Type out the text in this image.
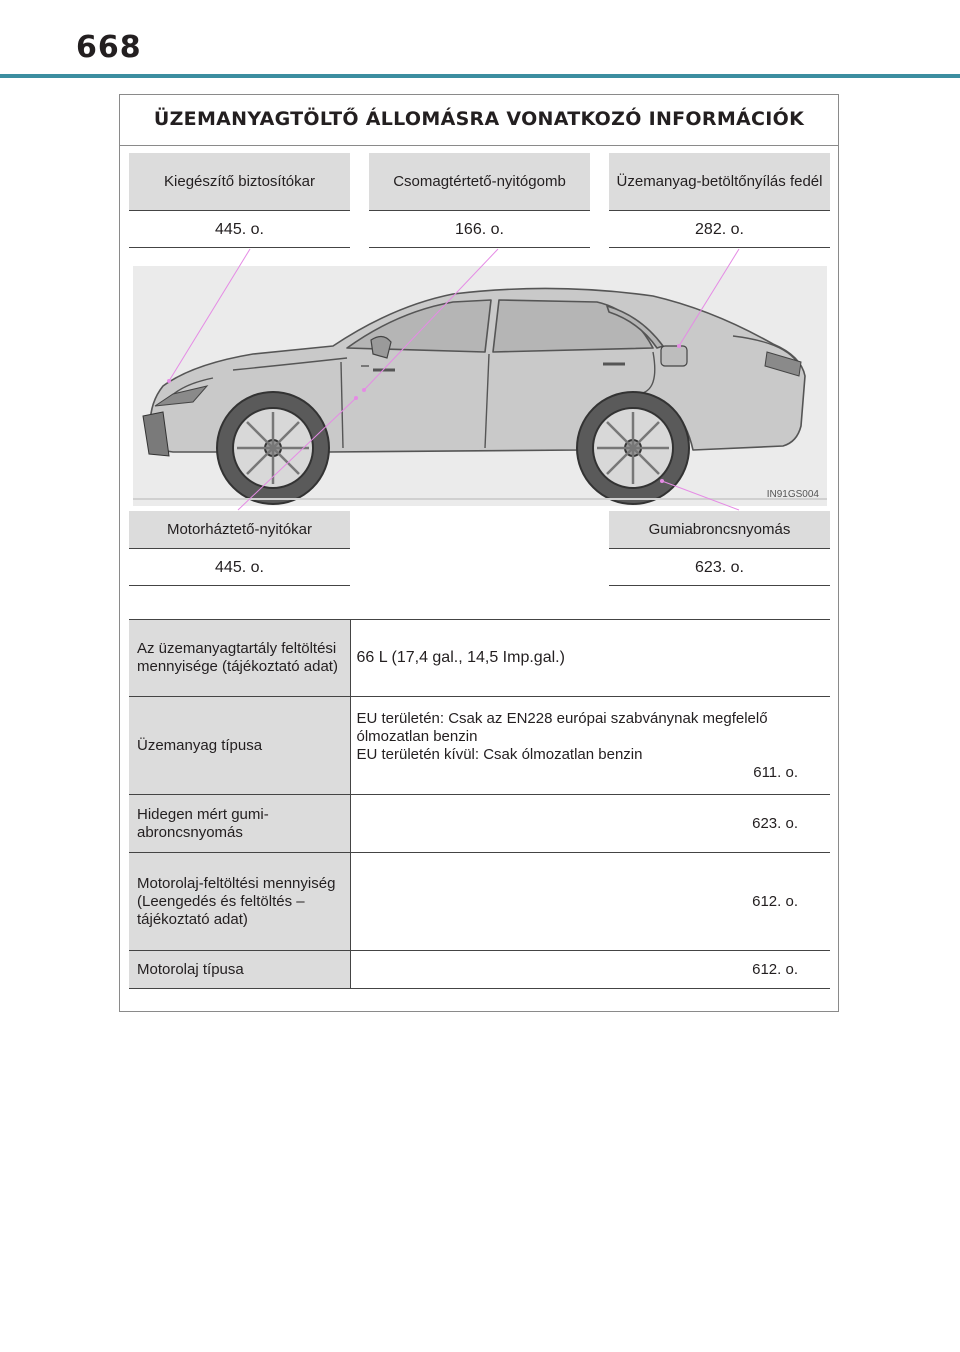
668
ÜZEMANYAGTÖLTŐ ÁLLOMÁSRA VONATKOZÓ INFORMÁCIÓK
Kiegészítő biztosítókar
445. o.
Csomagtértető-nyitógomb
166. o.
Üzemanyag-betöltőnyílás fedél
282. o.
IN91GS004
Motorháztető-nyitókar
445. o.
Gumiabroncsnyomás
623. o.
Az üzemanyagtartály feltöltési mennyisége (tájékoztató adat)	66 L (17,4 gal., 14,5 Imp.gal.)

Üzemanyag típusa	EU területén: Csak az EN228 európai szabványnak megfelelő ólmozatlan benzin
EU területén kívül: Csak ólmozatlan benzin
611. o.

Hidegen mért gumi-abroncsnyomás	623. o.

Motorolaj-feltöltési mennyiség (Leengedés és feltöltés – tájékoztató adat)	612. o.

Motorolaj típusa	612. o.
